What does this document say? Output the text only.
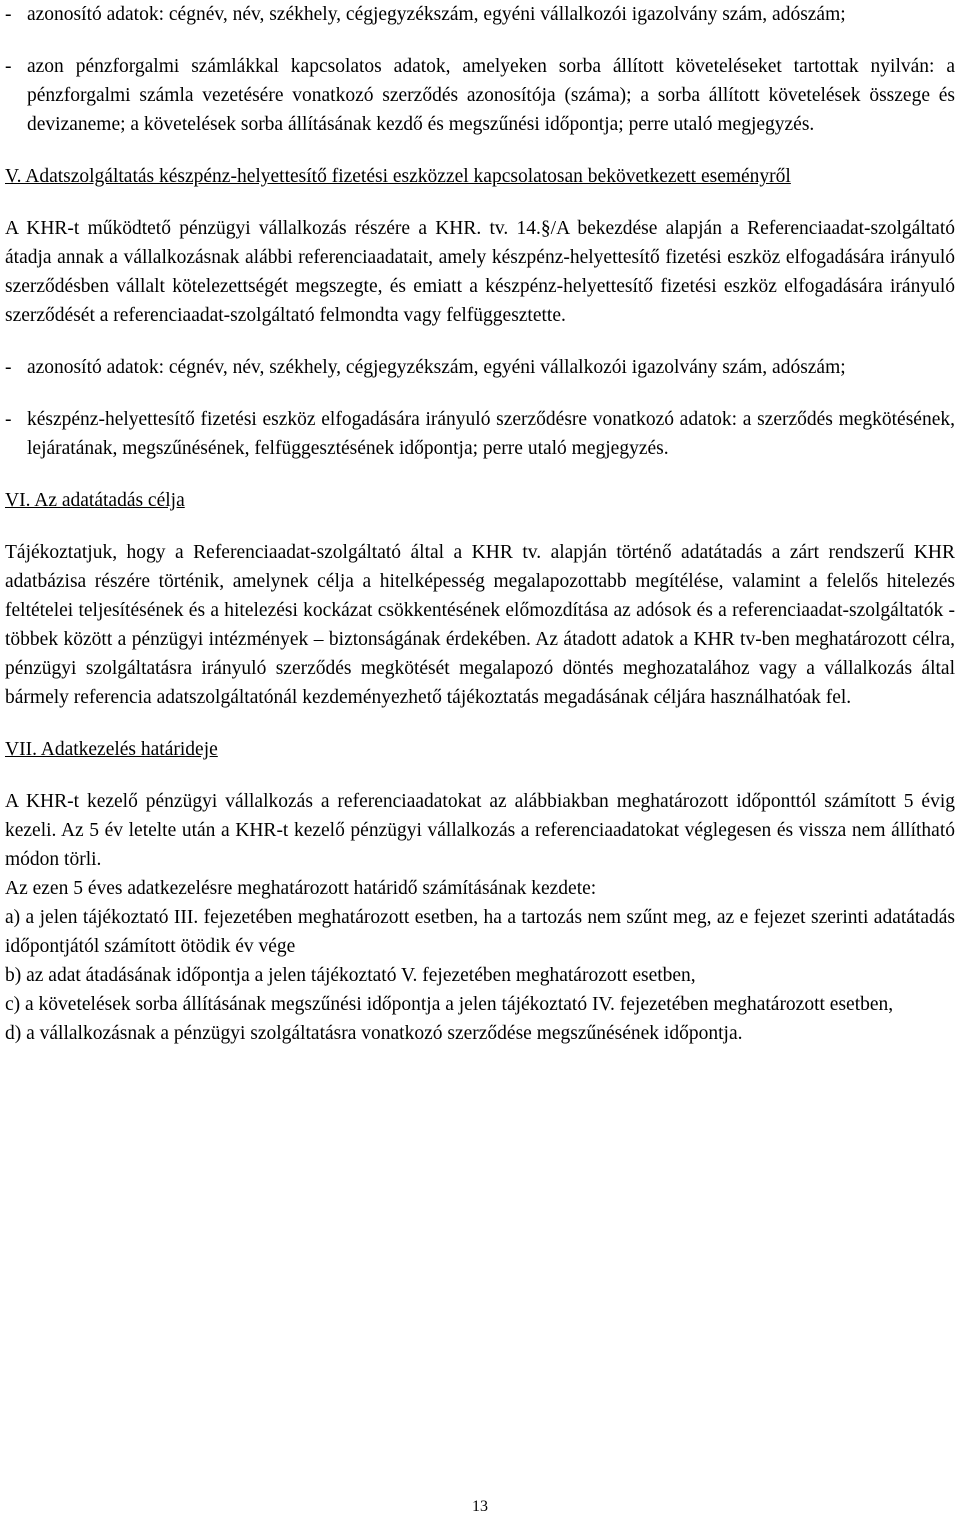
- azonosító adatok: cégnév, név, székhely, cégjegyzékszám, egyéni vállalkozói igazolvány szám, adószám;

- azon pénzforgalmi számlákkal kapcsolatos adatok, amelyeken sorba állított követeléseket tartottak nyilván: a pénzforgalmi számla vezetésére vonatkozó szerződés azonosítója (száma); a sorba állított követelések összege és devizaneme; a követelések sorba állításának kezdő és megszűnési időpontja; perre utaló megjegyzés.

V. Adatszolgáltatás készpénz-helyettesítő fizetési eszközzel kapcsolatosan bekövetkezett eseményről

A KHR-t működtető pénzügyi vállalkozás részére a KHR. tv. 14.§/A bekezdése alapján a Referenciaadat-szolgáltató átadja annak a vállalkozásnak alábbi referenciaadatait, amely készpénz-helyettesítő fizetési eszköz elfogadására irányuló szerződésben vállalt kötelezettségét megszegte, és emiatt a készpénz-helyettesítő fizetési eszköz elfogadására irányuló szerződését a referenciaadat-szolgáltató felmondta vagy felfüggesztette.

- azonosító adatok: cégnév, név, székhely, cégjegyzékszám, egyéni vállalkozói igazolvány szám, adószám;

- készpénz-helyettesítő fizetési eszköz elfogadására irányuló szerződésre vonatkozó adatok: a szerződés megkötésének, lejáratának, megszűnésének, felfüggesztésének időpontja; perre utaló megjegyzés.

VI. Az adatátadás célja

Tájékoztatjuk, hogy a Referenciaadat-szolgáltató által a KHR tv. alapján történő adatátadás a zárt rendszerű KHR adatbázisa részére történik, amelynek célja a hitelképesség megalapozottabb megítélése, valamint a felelős hitelezés feltételei teljesítésének és a hitelezési kockázat csökkentésének előmozdítása az adósok és a referenciaadat-szolgáltatók - többek között a pénzügyi intézmények – biztonságának érdekében. Az átadott adatok a KHR tv-ben meghatározott célra, pénzügyi szolgáltatásra irányuló szerződés megkötését megalapozó döntés meghozatalához vagy a vállalkozás által bármely referencia adatszolgáltatónál kezdeményezhető tájékoztatás megadásának céljára használhatóak fel.

VII. Adatkezelés határideje

A KHR-t kezelő pénzügyi vállalkozás a referenciaadatokat az alábbiakban meghatározott időponttól számított 5 évig kezeli. Az 5 év letelte után a KHR-t kezelő pénzügyi vállalkozás a referenciaadatokat véglegesen és vissza nem állítható módon törli.

Az ezen 5 éves adatkezelésre meghatározott határidő számításának kezdete:

a) a jelen tájékoztató III. fejezetében meghatározott esetben, ha a tartozás nem szűnt meg, az e fejezet szerinti adatátadás időpontjától számított ötödik év vége

b) az adat átadásának időpontja a jelen tájékoztató V. fejezetében meghatározott esetben,

c) a követelések sorba állításának megszűnési időpontja a jelen tájékoztató IV. fejezetében meghatározott esetben,

d) a vállalkozásnak a pénzügyi szolgáltatásra vonatkozó szerződése megszűnésének időpontja.

13
